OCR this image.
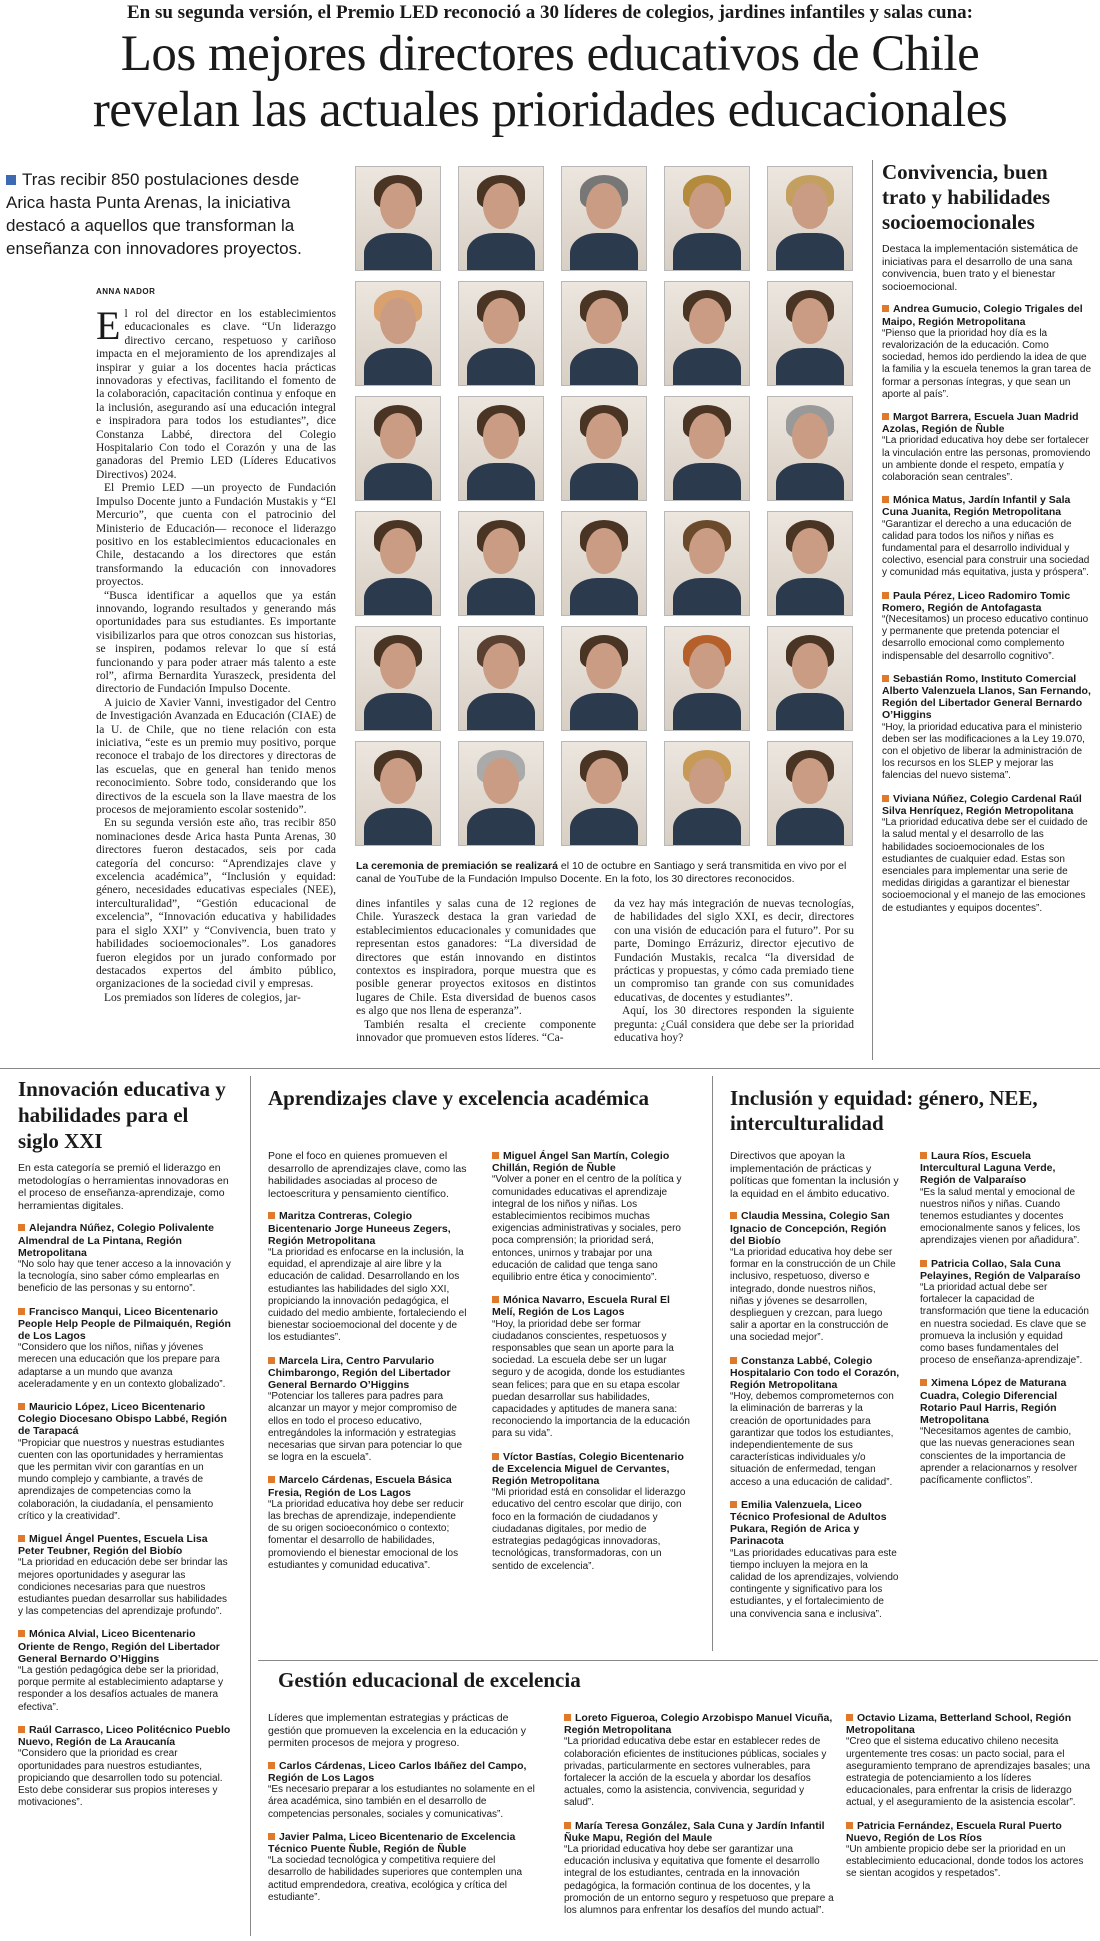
En su segunda versión, el Premio LED reconoció a 30 líderes de colegios, jardines infantiles y salas cuna:
Los mejores directores educativos de Chile
revelan las actuales prioridades educacionales
Tras recibir 850 postulaciones desde Arica hasta Punta Arenas, la iniciativa destacó a aquellos que transforman la enseñanza con innovadores proyectos.
ANNA NADOR

El rol del director en los establecimientos educacionales es clave. “Un liderazgo directivo cercano, respetuoso y cariñoso impacta en el mejoramiento de los aprendizajes al inspirar y guiar a los docentes hacia prácticas innovadoras y efectivas, facilitando el fomento de la colaboración, capacitación continua y enfoque en la inclusión, asegurando así una educación integral e inspiradora para todos los estudiantes”, dice Constanza Labbé, directora del Colegio Hospitalario Con todo el Corazón y una de las ganadoras del Premio LED (Líderes Educativos Directivos) 2024.

El Premio LED —un proyecto de Fundación Impulso Docente junto a Fundación Mustakis y “El Mercurio”, que cuenta con el patrocinio del Ministerio de Educación— reconoce el liderazgo positivo en los establecimientos educacionales en Chile, destacando a los directores que están transformando la educación con innovadores proyectos.

“Busca identificar a aquellos que ya están innovando, logrando resultados y generando más oportunidades para sus estudiantes. Es importante visibilizarlos para que otros conozcan sus historias, se inspiren, podamos relevar lo que sí está funcionando y para poder atraer más talento a este rol”, afirma Bernardita Yuraszeck, presidenta del directorio de Fundación Impulso Docente.

A juicio de Xavier Vanni, investigador del Centro de Investigación Avanzada en Educación (CIAE) de la U. de Chile, que no tiene relación con esta iniciativa, “este es un premio muy positivo, porque reconoce el trabajo de los directores y directoras de las escuelas, que en general han tenido menos reconocimiento. Sobre todo, considerando que los directivos de la escuela son la llave maestra de los procesos de mejoramiento escolar sostenido”.

En su segunda versión este año, tras recibir 850 nominaciones desde Arica hasta Punta Arenas, 30 directores fueron destacados, seis por cada categoría del concurso: “Aprendizajes clave y excelencia académica”, “Inclusión y equidad: género, necesidades educativas especiales (NEE), interculturalidad”, “Gestión educacional de excelencia”, “Innovación educativa y habilidades para el siglo XXI” y “Convivencia, buen trato y habilidades socioemocionales”. Los ganadores fueron elegidos por un jurado conformado por destacados expertos del ámbito público, organizaciones de la sociedad civil y empresas.

Los premiados son líderes de colegios, jar-

La ceremonia de premiación se realizará el 10 de octubre en Santiago y será transmitida en vivo por el canal de YouTube de la Fundación Impulso Docente. En la foto, los 30 directores reconocidos.

dines infantiles y salas cuna de 12 regiones de Chile. Yuraszeck destaca la gran variedad de establecimientos educacionales y comunidades que representan estos ganadores: “La diversidad de directores que están innovando en distintos contextos es inspiradora, porque muestra que es posible generar proyectos exitosos en distintos lugares de Chile. Esta diversidad de buenos casos es algo que nos llena de esperanza”.

También resalta el creciente componente innovador que promueven estos líderes. “Ca-

da vez hay más integración de nuevas tecnologías, de habilidades del siglo XXI, es decir, directores con una visión de educación para el futuro”. Por su parte, Domingo Errázuriz, director ejecutivo de Fundación Mustakis, recalca “la diversidad de prácticas y propuestas, y cómo cada premiado tiene un compromiso tan grande con sus comunidades educativas, de docentes y estudiantes”.

Aquí, los 30 directores responden la siguiente pregunta: ¿Cuál considera que debe ser la prioridad educativa hoy?

Convivencia, buen trato y habilidades socioemocionales
Destaca la implementación sistemática de iniciativas para el desarrollo de una sana convivencia, buen trato y el bienestar socioemocional.
Andrea Gumucio, Colegio Trigales del Maipo, Región Metropolitana
“Pienso que la prioridad hoy día es la revalorización de la educación. Como sociedad, hemos ido perdiendo la idea de que la familia y la escuela tenemos la gran tarea de formar a personas íntegras, y que sean un aporte al país”.
Margot Barrera, Escuela Juan Madrid Azolas, Región de Ñuble
“La prioridad educativa hoy debe ser fortalecer la vinculación entre las personas, promoviendo un ambiente donde el respeto, empatía y colaboración sean centrales”.
Mónica Matus, Jardín Infantil y Sala Cuna Juanita, Región Metropolitana
“Garantizar el derecho a una educación de calidad para todos los niños y niñas es fundamental para el desarrollo individual y colectivo, esencial para construir una sociedad y comunidad más equitativa, justa y próspera”.
Paula Pérez, Liceo Radomiro Tomic Romero, Región de Antofagasta
“(Necesitamos) un proceso educativo continuo y permanente que pretenda potenciar el desarrollo emocional como complemento indispensable del desarrollo cognitivo”.
Sebastián Romo, Instituto Comercial Alberto Valenzuela Llanos, San Fernando, Región del Libertador General Bernardo O’Higgins
“Hoy, la prioridad educativa para el ministerio deben ser las modificaciones a la Ley 19.070, con el objetivo de liberar la administración de los recursos en los SLEP y mejorar las falencias del nuevo sistema”.
Viviana Núñez, Colegio Cardenal Raúl Silva Henríquez, Región Metropolitana
“La prioridad educativa debe ser el cuidado de la salud mental y el desarrollo de las habilidades socioemocionales de los estudiantes de cualquier edad. Estas son esenciales para implementar una serie de medidas dirigidas a garantizar el bienestar socioemocional y el manejo de las emociones de estudiantes y equipos docentes”.
Innovación educativa y habilidades para el siglo XXI
En esta categoría se premió el liderazgo en metodologías o herramientas innovadoras en el proceso de enseñanza-aprendizaje, como herramientas digitales.
Alejandra Núñez, Colegio Polivalente Almendral de La Pintana, Región Metropolitana
“No solo hay que tener acceso a la innovación y la tecnología, sino saber cómo emplearlas en beneficio de las personas y su entorno”.
Francisco Manqui, Liceo Bicentenario People Help People de Pilmaiquén, Región de Los Lagos
“Considero que los niños, niñas y jóvenes merecen una educación que los prepare para adaptarse a un mundo que avanza aceleradamente y en un contexto globalizado”.
Mauricio López, Liceo Bicentenario Colegio Diocesano Obispo Labbé, Región de Tarapacá
“Propiciar que nuestros y nuestras estudiantes cuenten con las oportunidades y herramientas que les permitan vivir con garantías en un mundo complejo y cambiante, a través de aprendizajes de competencias como la colaboración, la ciudadanía, el pensamiento crítico y la creatividad”.
Miguel Ángel Puentes, Escuela Lisa Peter Teubner, Región del Biobío
“La prioridad en educación debe ser brindar las mejores oportunidades y asegurar las condiciones necesarias para que nuestros estudiantes puedan desarrollar sus habilidades y las competencias del aprendizaje profundo”.
Mónica Alvial, Liceo Bicentenario Oriente de Rengo, Región del Libertador General Bernardo O’Higgins
“La gestión pedagógica debe ser la prioridad, porque permite al establecimiento adaptarse y responder a los desafíos actuales de manera efectiva”.
Raúl Carrasco, Liceo Politécnico Pueblo Nuevo, Región de La Araucanía
“Considero que la prioridad es crear oportunidades para nuestros estudiantes, propiciando que desarrollen todo su potencial. Esto debe considerar sus propios intereses y motivaciones”.
Aprendizajes clave y excelencia académica
Pone el foco en quienes promueven el desarrollo de aprendizajes clave, como las habilidades asociadas al proceso de lectoescritura y pensamiento científico.
Maritza Contreras, Colegio Bicentenario Jorge Huneeus Zegers, Región Metropolitana
“La prioridad es enfocarse en la inclusión, la equidad, el aprendizaje al aire libre y la educación de calidad. Desarrollando en los estudiantes las habilidades del siglo XXI, propiciando la innovación pedagógica, el cuidado del medio ambiente, fortaleciendo el bienestar socioemocional del docente y de los estudiantes”.
Marcela Lira, Centro Parvulario Chimbarongo, Región del Libertador General Bernardo O’Higgins
“Potenciar los talleres para padres para alcanzar un mayor y mejor compromiso de ellos en todo el proceso educativo, entregándoles la información y estrategias necesarias que sirvan para potenciar lo que se logra en la escuela”.
Marcelo Cárdenas, Escuela Básica Fresia, Región de Los Lagos
“La prioridad educativa hoy debe ser reducir las brechas de aprendizaje, independiente de su origen socioeconómico o contexto; fomentar el desarrollo de habilidades, promoviendo el bienestar emocional de los estudiantes y comunidad educativa”.
Miguel Ángel San Martín, Colegio Chillán, Región de Ñuble
“Volver a poner en el centro de la política y comunidades educativas el aprendizaje integral de los niños y niñas. Los establecimientos recibimos muchas exigencias administrativas y sociales, pero poca comprensión; la prioridad será, entonces, unirnos y trabajar por una educación de calidad que tenga sano equilibrio entre ética y conocimiento”.
Mónica Navarro, Escuela Rural El Melí, Región de Los Lagos
“Hoy, la prioridad debe ser formar ciudadanos conscientes, respetuosos y responsables que sean un aporte para la sociedad. La escuela debe ser un lugar seguro y de acogida, donde los estudiantes sean felices; para que en su etapa escolar puedan desarrollar sus habilidades, capacidades y aptitudes de manera sana: reconociendo la importancia de la educación para su vida”.
Víctor Bastías, Colegio Bicentenario de Excelencia Miguel de Cervantes, Región Metropolitana
“Mi prioridad está en consolidar el liderazgo educativo del centro escolar que dirijo, con foco en la formación de ciudadanos y ciudadanas digitales, por medio de estrategias pedagógicas innovadoras, tecnológicas, transformadoras, con un sentido de excelencia”.
Inclusión y equidad: género, NEE, interculturalidad
Directivos que apoyan la implementación de prácticas y políticas que fomentan la inclusión y la equidad en el ámbito educativo.
Claudia Messina, Colegio San Ignacio de Concepción, Región del Biobío
“La prioridad educativa hoy debe ser formar en la construcción de un Chile inclusivo, respetuoso, diverso e integrado, donde nuestros niños, niñas y jóvenes se desarrollen, desplieguen y crezcan, para luego salir a aportar en la construcción de una sociedad mejor”.
Constanza Labbé, Colegio Hospitalario Con todo el Corazón, Región Metropolitana
“Hoy, debemos comprometernos con la eliminación de barreras y la creación de oportunidades para garantizar que todos los estudiantes, independientemente de sus características individuales y/o situación de enfermedad, tengan acceso a una educación de calidad”.
Emilia Valenzuela, Liceo Técnico Profesional de Adultos Pukara, Región de Arica y Parinacota
“Las prioridades educativas para este tiempo incluyen la mejora en la calidad de los aprendizajes, volviendo contingente y significativo para los estudiantes, y el fortalecimiento de una convivencia sana e inclusiva”.
Laura Ríos, Escuela Intercultural Laguna Verde, Región de Valparaíso
“Es la salud mental y emocional de nuestros niños y niñas. Cuando tenemos estudiantes y docentes emocionalmente sanos y felices, los aprendizajes vienen por añadidura”.
Patricia Collao, Sala Cuna Pelayines, Región de Valparaíso
“La prioridad actual debe ser fortalecer la capacidad de transformación que tiene la educación en nuestra sociedad. Es clave que se promueva la inclusión y equidad como bases fundamentales del proceso de enseñanza-aprendizaje”.
Ximena López de Maturana Cuadra, Colegio Diferencial Rotario Paul Harris, Región Metropolitana
“Necesitamos agentes de cambio, que las nuevas generaciones sean conscientes de la importancia de aprender a relacionarnos y resolver pacíficamente conflictos”.
Gestión educacional de excelencia
Líderes que implementan estrategias y prácticas de gestión que promueven la excelencia en la educación y permiten procesos de mejora y progreso.
Carlos Cárdenas, Liceo Carlos Ibáñez del Campo, Región de Los Lagos
“Es necesario preparar a los estudiantes no solamente en el área académica, sino también en el desarrollo de competencias personales, sociales y comunicativas”.
Javier Palma, Liceo Bicentenario de Excelencia Técnico Puente Ñuble, Región de Ñuble
“La sociedad tecnológica y competitiva requiere del desarrollo de habilidades superiores que contemplen una actitud emprendedora, creativa, ecológica y crítica del estudiante”.
Loreto Figueroa, Colegio Arzobispo Manuel Vicuña, Región Metropolitana
“La prioridad educativa debe estar en establecer redes de colaboración eficientes de instituciones públicas, sociales y privadas, particularmente en sectores vulnerables, para fortalecer la acción de la escuela y abordar los desafíos actuales, como la asistencia, convivencia, seguridad y salud”.
María Teresa González, Sala Cuna y Jardín Infantil Ñuke Mapu, Región del Maule
“La prioridad educativa hoy debe ser garantizar una educación inclusiva y equitativa que fomente el desarrollo integral de los estudiantes, centrada en la innovación pedagógica, la formación continua de los docentes, y la promoción de un entorno seguro y respetuoso que prepare a los alumnos para enfrentar los desafíos del mundo actual”.
Octavio Lizama, Betterland School, Región Metropolitana
“Creo que el sistema educativo chileno necesita urgentemente tres cosas: un pacto social, para el aseguramiento temprano de aprendizajes basales; una estrategia de potenciamiento a los líderes educacionales, para enfrentar la crisis de liderazgo actual, y el aseguramiento de la asistencia escolar”.
Patricia Fernández, Escuela Rural Puerto Nuevo, Región de Los Ríos
“Un ambiente propicio debe ser la prioridad en un establecimiento educacional, donde todos los actores se sientan acogidos y respetados”.
